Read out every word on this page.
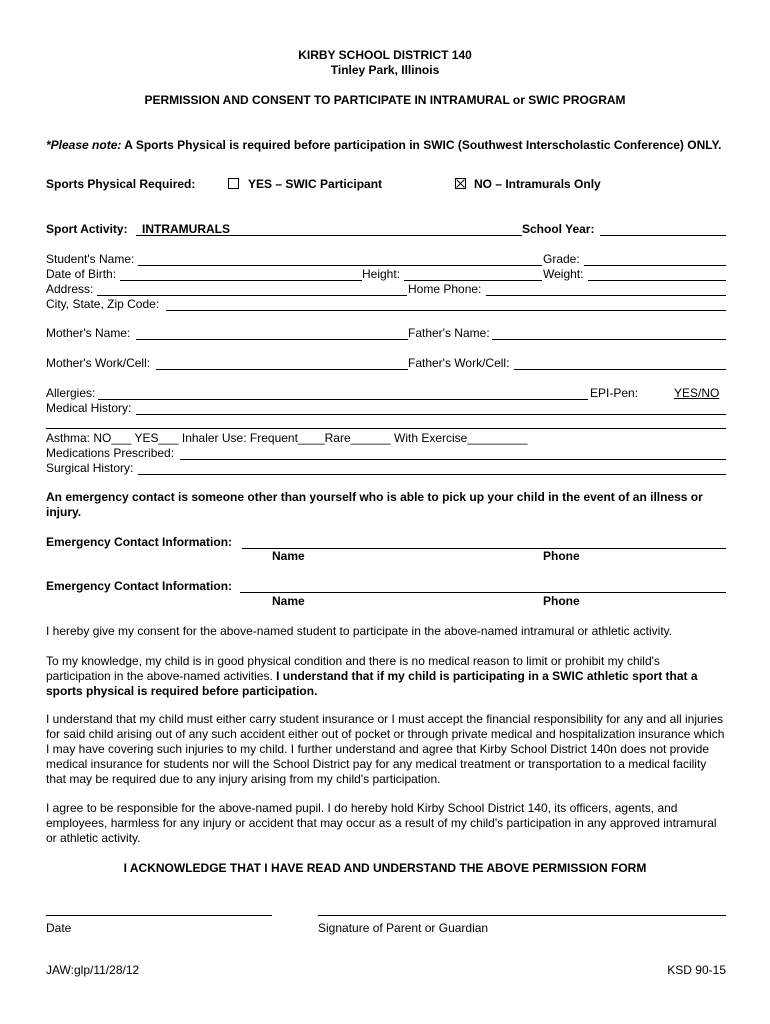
KIRBY SCHOOL DISTRICT 140
Tinley Park, Illinois
PERMISSION AND CONSENT TO PARTICIPATE IN INTRAMURAL or SWIC PROGRAM
*Please note: A Sports Physical is required before participation in SWIC (Southwest Interscholastic Conference) ONLY.
Sports Physical Required:	YES – SWIC Participant	NO – Intramurals Only
Sport Activity: INTRAMURALS	School Year:
Student's Name:	Grade:
Date of Birth:	Height:	Weight:
Address:	Home Phone:
City, State, Zip Code:
Mother's Name:	Father's Name:
Mother's Work/Cell:	Father's Work/Cell:
Allergies:	EPI-Pen:	YES/NO
Medical History:
Asthma: NO___ YES___ Inhaler Use: Frequent____Rare______ With Exercise_________
Medications Prescribed:
Surgical History:
An emergency contact is someone other than yourself who is able to pick up your child in the event of an illness or injury.
Emergency Contact Information:
Name	Phone
Emergency Contact Information:
Name	Phone
I hereby give my consent for the above-named student to participate in the above-named intramural or athletic activity.
To my knowledge, my child is in good physical condition and there is no medical reason to limit or prohibit my child's participation in the above-named activities. I understand that if my child is participating in a SWIC athletic sport that a sports physical is required before participation.
I understand that my child must either carry student insurance or I must accept the financial responsibility for any and all injuries for said child arising out of any such accident either out of pocket or through private medical and hospitalization insurance which I may have covering such injuries to my child. I further understand and agree that Kirby School District 140n does not provide medical insurance for students nor will the School District pay for any medical treatment or transportation to a medical facility that may be required due to any injury arising from my child's participation.
I agree to be responsible for the above-named pupil. I do hereby hold Kirby School District 140, its officers, agents, and employees, harmless for any injury or accident that may occur as a result of my child's participation in any approved intramural or athletic activity.
I ACKNOWLEDGE THAT I HAVE READ AND UNDERSTAND THE ABOVE PERMISSION FORM
Date	Signature of Parent or Guardian
JAW:glp/11/28/12	KSD 90-15
